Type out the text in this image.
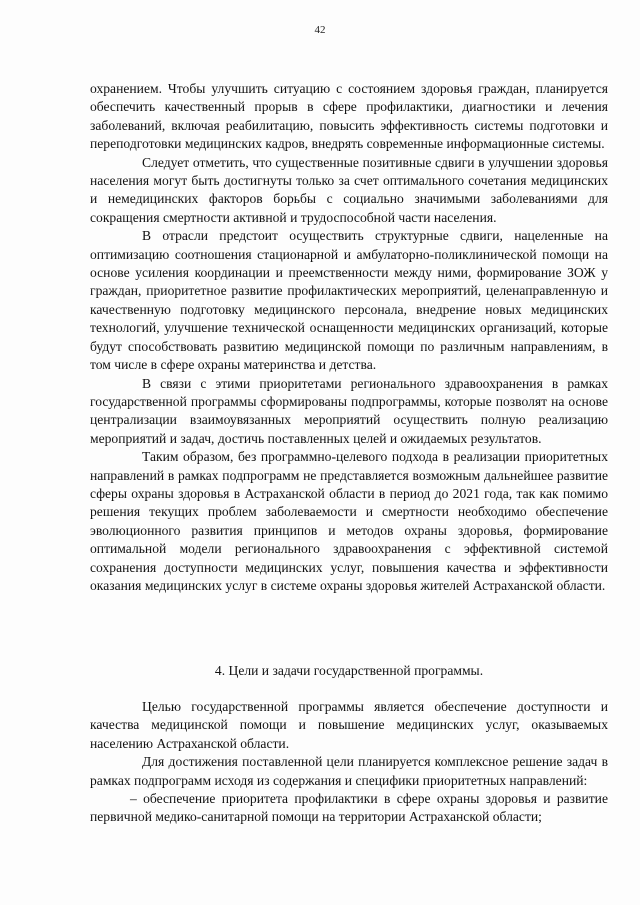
42

охранением. Чтобы улучшить ситуацию с состоянием здоровья граждан, планируется обеспечить качественный прорыв в сфере профилактики, диагностики и лечения заболеваний, включая реабилитацию, повысить эффективность системы подготовки и переподготовки медицинских кадров, внедрять современные информационные системы.

Следует отметить, что существенные позитивные сдвиги в улучшении здоровья населения могут быть достигнуты только за счет оптимального сочетания медицинских и немедицинских факторов борьбы с социально значимыми заболеваниями для сокращения смертности активной и трудоспособной части населения.

В отрасли предстоит осуществить структурные сдвиги, нацеленные на оптимизацию соотношения стационарной и амбулаторно-поликлинической помощи на основе усиления координации и преемственности между ними, формирование ЗОЖ у граждан, приоритетное развитие профилактических мероприятий, целенаправленную и качественную подготовку медицинского персонала, внедрение новых медицинских технологий, улучшение технической оснащенности медицинских организаций, которые будут способствовать развитию медицинской помощи по различным направлениям, в том числе в сфере охраны материнства и детства.

В связи с этими приоритетами регионального здравоохранения в рамках государственной программы сформированы подпрограммы, которые позволят на основе централизации взаимоувязанных мероприятий осуществить полную реализацию мероприятий и задач, достичь поставленных целей и ожидаемых результатов.

Таким образом, без программно-целевого подхода в реализации приоритетных направлений в рамках подпрограмм не представляется возможным дальнейшее развитие сферы охраны здоровья в Астраханской области в период до 2021 года, так как помимо решения текущих проблем заболеваемости и смертности необходимо обеспечение эволюционного развития принципов и методов охраны здоровья, формирование оптимальной модели регионального здравоохранения с эффективной системой сохранения доступности медицинских услуг, повышения качества и эффективности оказания медицинских услуг в системе охраны здоровья жителей Астраханской области.

4. Цели и задачи государственной программы.

Целью государственной программы является обеспечение доступности и качества медицинской помощи и повышение медицинских услуг, оказываемых населению Астраханской области.

Для достижения поставленной цели планируется комплексное решение задач в рамках подпрограмм исходя из содержания и специфики приоритетных направлений:

– обеспечение приоритета профилактики в сфере охраны здоровья и развитие первичной медико-санитарной помощи на территории Астраханской области;
